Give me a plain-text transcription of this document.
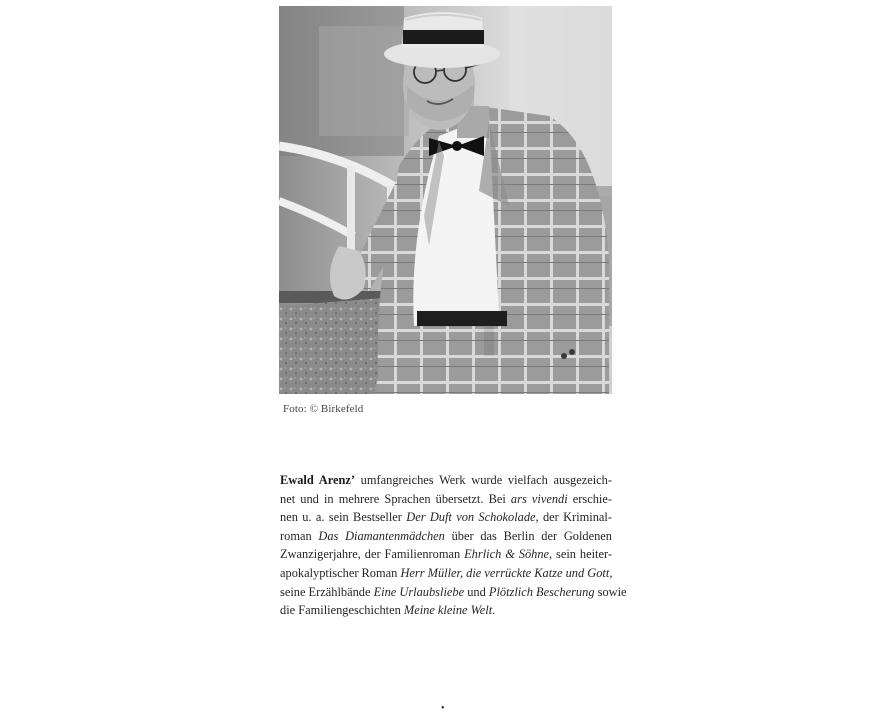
Foto: © Birkefeld
Ewald Arenz’ umfangreiches Werk wurde vielfach ausgezeich-
net und in mehrere Sprachen übersetzt. Bei ars vivendi erschie-
nen u. a. sein Bestseller Der Duft von Schokolade, der Kriminal-
roman Das Diamantenmädchen über das Berlin der Goldenen
Zwanzigerjahre, der Familienroman Ehrlich & Söhne, sein heiter-
apokalyptischer Roman Herr Müller, die verrückte Katze und Gott,
seine Erzählbände Eine Urlaubsliebe und Plötzlich Bescherung sowie
die Familiengeschichten Meine kleine Welt.
•
